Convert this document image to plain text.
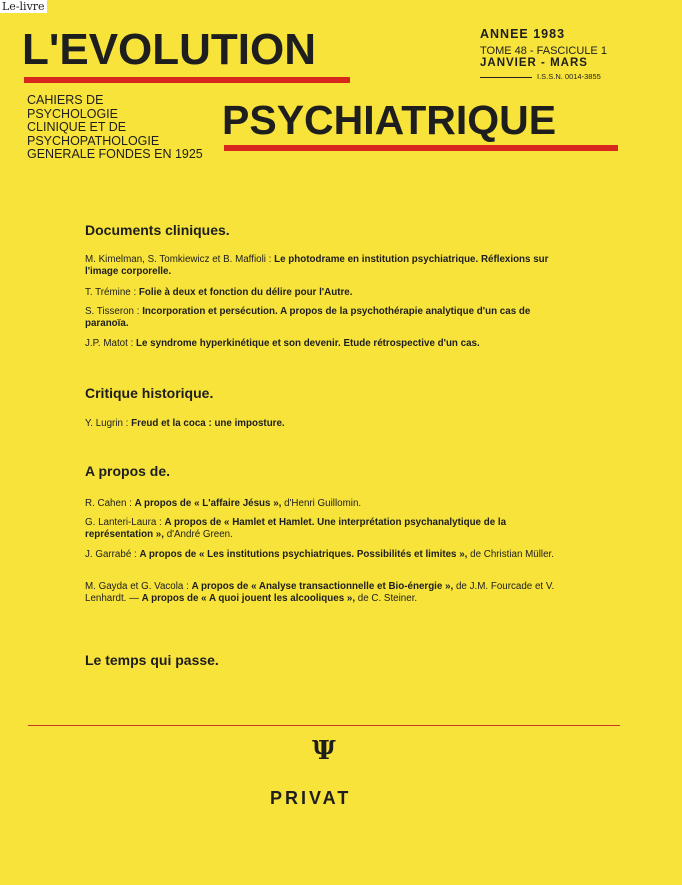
Le-livre
L'EVOLUTION
CAHIERS DE
PSYCHOLOGIE
CLINIQUE ET DE
PSYCHOPATHOLOGIE
GENERALE FONDES EN 1925
PSYCHIATRIQUE
ANNEE 1983
TOME 48 - FASCICULE 1
JANVIER - MARS
I.S.S.N. 0014-3855
Documents cliniques.
M. Kimelman, S. Tomkiewicz et B. Maffioli : Le photodrame en institution psychiatrique. Réflexions sur l'image corporelle.
T. Trémine : Folie à deux et fonction du délire pour l'Autre.
S. Tisseron : Incorporation et persécution. A propos de la psychothérapie analytique d'un cas de paranoïa.
J.P. Matot : Le syndrome hyperkinétique et son devenir. Etude rétrospective d'un cas.
Critique historique.
Y. Lugrin : Freud et la coca : une imposture.
A propos de.
R. Cahen : A propos de « L'affaire Jésus », d'Henri Guillomin.
G. Lanteri-Laura : A propos de « Hamlet et Hamlet. Une interprétation psychanalytique de la représentation », d'André Green.
J. Garrabé : A propos de « Les institutions psychiatriques. Possibilités et limites », de Christian Müller.
M. Gayda et G. Vacola : A propos de « Analyse transactionnelle et Bio-énergie », de J.M. Fourcade et V. Lenhardt. — A propos de « A quoi jouent les alcooliques », de C. Steiner.
Le temps qui passe.
Ψ
PRIVAT
